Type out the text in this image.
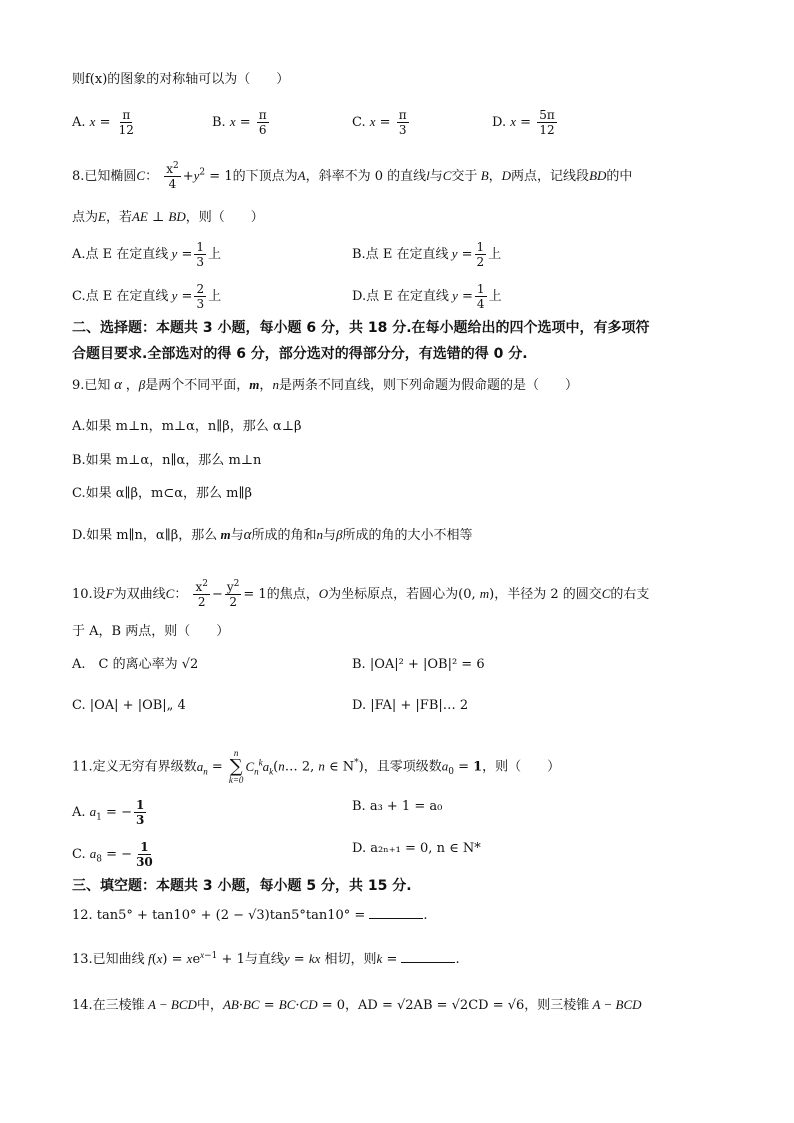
则f(x)的图象的对称轴可以为（　　）
A. $x = \frac{\pi}{12}$	B. $x = \frac{\pi}{6}$	C. $x = \frac{\pi}{3}$	D. $x = \frac{5\pi}{12}$
8.已知椭圆C： $\frac{x^2}{4} +y^2 = 1$的下顶点为A，斜率不为 0 的直线l与C交于 B，D两点，记线段BD的中
点为E，若AE ⊥ BD，则（　　）
A.点 E 在定直线 $y = \frac{1}{3}$ 上	B.点 E 在定直线 $y = \frac{1}{2}$ 上
C.点 E 在定直线 $y = \frac{2}{3}$ 上	D.点 E 在定直线 $y = \frac{1}{4}$ 上
二、选择题：本题共 3 小题，每小题 6 分，共 18 分.在每小题给出的四个选项中，有多项符
合题目要求.全部选对的得 6 分，部分选对的得部分分，有选错的得 0 分.
9.已知 α ，β是两个不同平面，m，n是两条不同直线，则下列命题为假命题的是（　　）
A.如果 m⊥n，m⊥α，n∥β，那么 α⊥β
B.如果 m⊥α，n∥α，那么 m⊥n
C.如果 α∥β，m⊂α，那么 m∥β
D.如果 m∥n，α∥β，那么 m与α所成的角和n与β所成的角的大小不相等
10.设F为双曲线C： $\frac{x^2}{2} - \frac{y^2}{2} = 1$的焦点，O为坐标原点，若圆心为(0, m)，半径为 2 的圆交C的右支
于 A，B 两点，则（　　）
A.　C 的离心率为 √2	B. |OA|² + |OB|² = 6
C. |OA| + |OB|„ 4	D. |FA| + |FB|… 2
11.定义无穷有界级数$a_n$ =
n
∑
k=0
$C_n^ka_k(n\dots$ 2, n ∈ N*)，且零项级数$a_0 = 1$，则（　　）
A. $a_1$ = − $\frac{1}{3}$	B. a₃ + 1 = a₀
C. $a_8$ = − $\frac{1}{30}$	D. a₂ₙ₊₁ = 0, n ∈ N*
三、填空题：本题共 3 小题，每小题 5 分，共 15 分.
12. tan5° + tan10° + (2 − √3)tan5°tan10° =	.
13.已知曲线 $f(x) = xe^{x-1} + 1$与直线y = kx 相切，则k =	.
14.在三棱锥 A − BCD中，AB·BC = BC·CD = 0，AD = √2AB = √2CD = √6，则三棱锥 A − BCD
